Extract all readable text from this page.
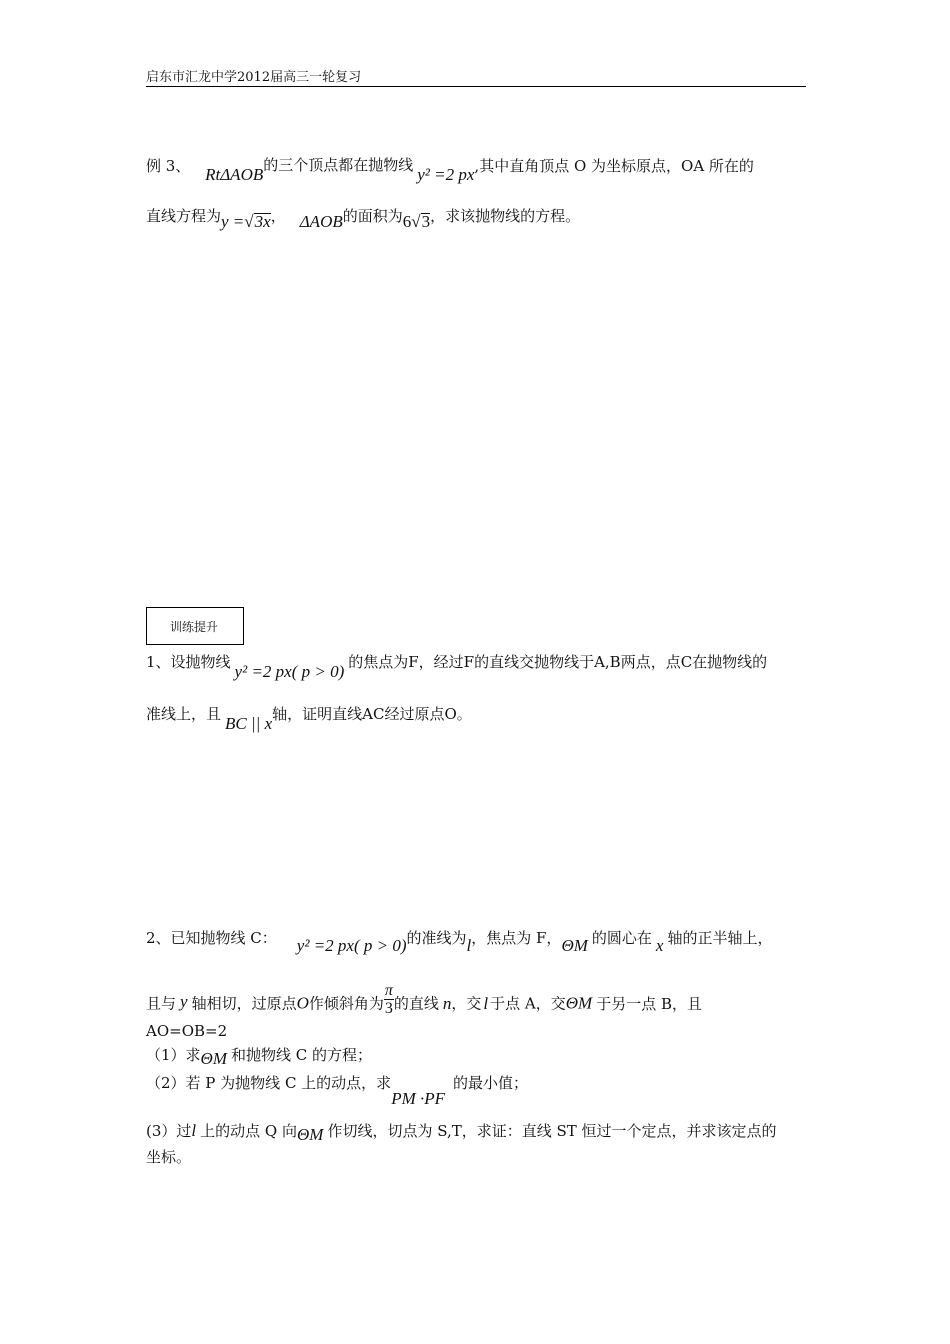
启东市汇龙中学2012届高三一轮复习
例 3、 RtΔAOB的三个顶点都在抛物线 y² =2 px,其中直角顶点 O 为坐标原点，OA 所在的
直线方程为y =√3x， ΔAOB的面积为6√3，求该抛物线的方程。
训练提升
1、设抛物线 y² =2 px( p > 0) 的焦点为F，经过F的直线交抛物线于A,B两点，点C在抛物线的
准线上，且 BC || x轴，证明直线AC经过原点O。
2、已知抛物线 C： y² =2 px( p > 0)的准线为l，焦点为 F，ΘM 的圆心在 x 轴的正半轴上，
且与 y 轴相切，过原点O作倾斜角为 $\frac{\pi}{3}$ 的直线 n，交 l 于点 A，交ΘM 于另一点 B，且
AO=OB=2
（1）求ΘM 和抛物线 C 的方程；
（2）若 P 为抛物线 C 上的动点，求PM ·PF的最小值；
(3）过l 上的动点 Q 向ΘM 作切线，切点为 S,T，求证：直线 ST 恒过一个定点，并求该定点的
坐标。
